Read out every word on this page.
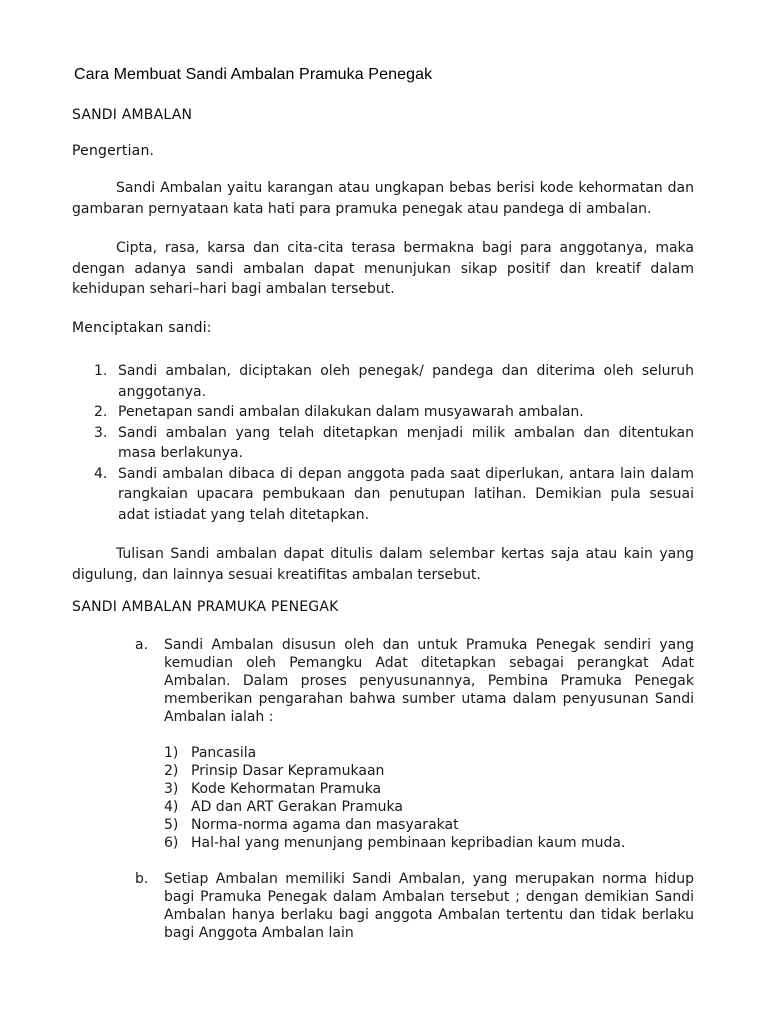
Cara Membuat Sandi Ambalan Pramuka Penegak
SANDI AMBALAN
Pengertian.
Sandi Ambalan yaitu karangan atau ungkapan bebas berisi kode kehormatan dan gambaran pernyataan kata hati para pramuka penegak atau pandega di ambalan.
Cipta, rasa, karsa dan cita-cita terasa bermakna bagi para anggotanya, maka dengan adanya sandi ambalan dapat menunjukan sikap positif dan kreatif dalam kehidupan sehari–hari bagi ambalan tersebut.
Menciptakan sandi:
1. Sandi ambalan, diciptakan oleh penegak/ pandega dan diterima oleh seluruh anggotanya.
2. Penetapan sandi ambalan dilakukan dalam musyawarah ambalan.
3. Sandi ambalan yang telah ditetapkan menjadi milik ambalan dan ditentukan masa berlakunya.
4. Sandi ambalan dibaca di depan anggota pada saat diperlukan, antara lain dalam rangkaian upacara pembukaan dan penutupan latihan. Demikian pula sesuai adat istiadat yang telah ditetapkan.
Tulisan Sandi ambalan dapat ditulis dalam selembar kertas saja atau kain yang digulung, dan lainnya sesuai kreatifitas ambalan tersebut.
SANDI AMBALAN PRAMUKA PENEGAK
a. Sandi Ambalan disusun oleh dan untuk Pramuka Penegak sendiri yang kemudian oleh Pemangku Adat ditetapkan sebagai perangkat Adat Ambalan. Dalam proses penyusunannya, Pembina Pramuka Penegak memberikan pengarahan bahwa sumber utama dalam penyusunan Sandi Ambalan ialah :
1) Pancasila
2) Prinsip Dasar Kepramukaan
3) Kode Kehormatan Pramuka
4) AD dan ART Gerakan Pramuka
5) Norma-norma agama dan masyarakat
6) Hal-hal yang menunjang pembinaan kepribadian kaum muda.
b. Setiap Ambalan memiliki Sandi Ambalan, yang merupakan norma hidup bagi Pramuka Penegak dalam Ambalan tersebut ; dengan demikian Sandi Ambalan hanya berlaku bagi anggota Ambalan tertentu dan tidak berlaku bagi Anggota Ambalan lain
